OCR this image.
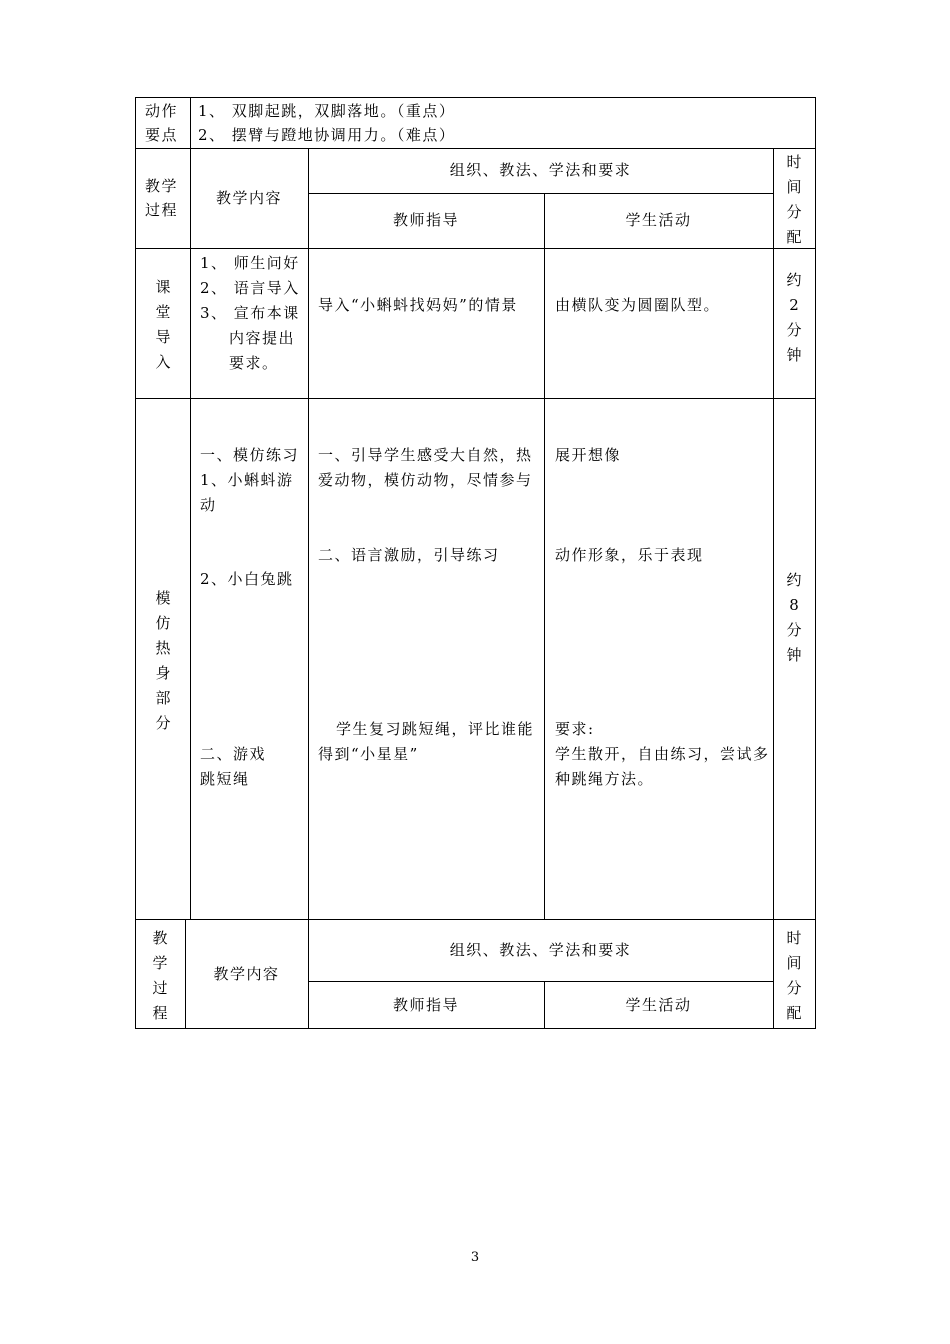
动作
要点
1、 双脚起跳，双脚落地。（重点）
2、 摆臂与蹬地协调用力。（难点）
教学
过程
教学内容
组织、教法、学法和要求
教师指导	学生活动
时
间
分
配
课
堂
导
入
1、 师生问好
2、 语言导入
3、 宣布本课
内容提出
要求。
导入“小蝌蚪找妈妈”的情景 由横队变为圆圈队型。
约
2
分
钟
模
仿
热
身
部
分
一、模仿练习
1、小蝌蚪游
动
2、小白兔跳
二、游戏
跳短绳
一、引导学生感受大自然，热
爱动物，模仿动物，尽情参与
二、语言激励，引导练习
学生复习跳短绳，评比谁能
得到“小星星”
展开想像
动作形象，乐于表现
要求:
学生散开，自由练习，尝试多
种跳绳方法。
约
8
分
钟
教
学
过
程
教学内容
组织、教法、学法和要求
教师指导	学生活动
时
间
分
配
3
